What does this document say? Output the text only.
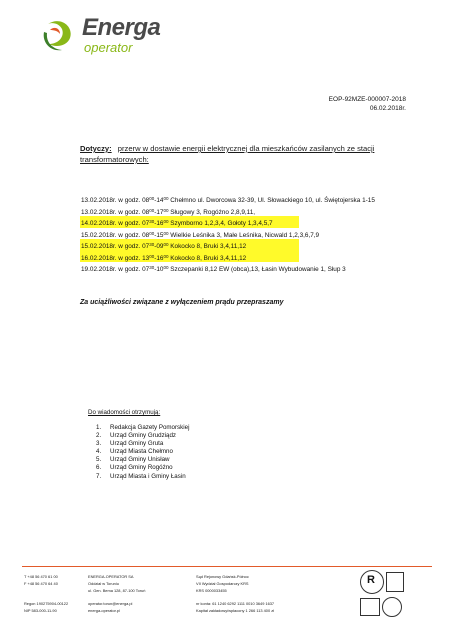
Energa
operator
EOP-92MZE-000007-2018
06.02.2018r.
Dotyczy: przerw w dostawie energii elektrycznej dla mieszkańców zasilanych ze stacji transformatorowych:
13.02.2018r. w godz. $08^{00}-14^{00}$ Chełmno ul. Dworcowa 32-39, Ul. Słowackiego 10, ul. Świętojerska 1-15
13.02.2018r. w godz. $08^{00}-17^{00}$ Sługowy 3, Rogóżno 2,8,9,11,
14.02.2018r. w godz. $07^{30}-16^{00}$ Szymborno 1,2,3,4, Gołoty 1,3,4,5,7
15.02.2018r. w godz. $08^{00}-15^{00}$ Wielkie Leśnika 3, Małe Leśnika, Nicwald 1,2,3,6,7,9
15.02.2018r. w godz. $07^{30}-09^{00}$ Kokocko 8, Bruki 3,4,11,12
16.02.2018r. w godz. $13^{00}-16^{00}$ Kokocko 8, Bruki 3,4,11,12
19.02.2018r. w godz. $07^{30}-10^{00}$ Szczepanki 8,12 EW (obca),13, Łasin Wybudowanie 1, Słup 3
Za uciążliwości związane z wyłączeniem prądu przepraszamy
Do wiadomości otrzymują:
1. Redakcja Gazety Pomorskiej
2. Urząd Gminy Grudziądz
3. Urząd Gminy Gruta
4. Urząd Miasta Chełmno
5. Urząd Gminy Unisław
6. Urząd Gminy Rogóżno
7. Urząd Miasta i Gminy Łasin
T +48 56 470 61 00
F +48 56 470 64 40
ENERGA-OPERATOR SA
Oddział w Toruniu
ul. Gen. Bema 128, 87-100 Toruń
Sąd Rejonowy Gdańsk-Północ
VII Wydział Gospodarczy KRS
KRS 0000033455
Regon 190275904-00122
NIP 583-000-11-90
operator.torun@energa.pl
energa-operator.pl
nr konta: 61 1240 6292 1111 0010 3649 1637
Kapitał zakładowy/wpłacony 1 266 113 400 zł
R
